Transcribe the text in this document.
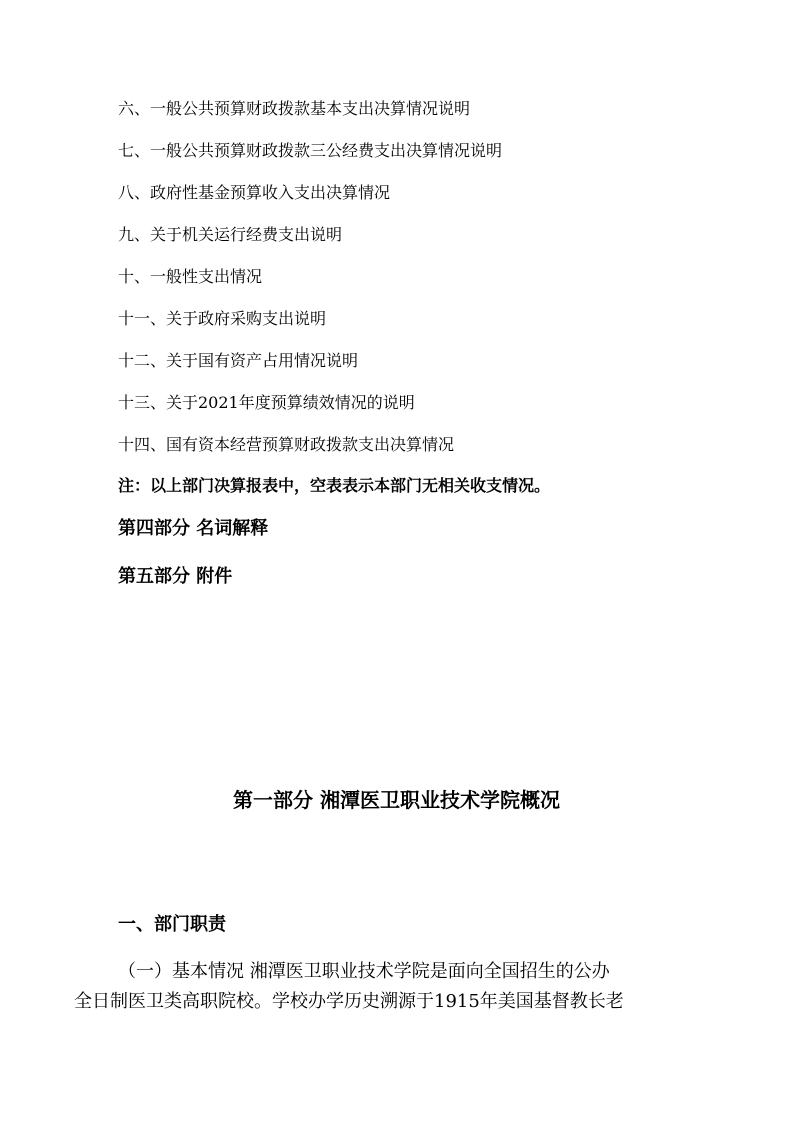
六、一般公共预算财政拨款基本支出决算情况说明
七、一般公共预算财政拨款三公经费支出决算情况说明
八、政府性基金预算收入支出决算情况
九、关于机关运行经费支出说明
十、一般性支出情况
十一、关于政府采购支出说明
十二、关于国有资产占用情况说明
十三、关于2021年度预算绩效情况的说明
十四、国有资本经营预算财政拨款支出决算情况
注：以上部门决算报表中，空表表示本部门无相关收支情况。
第四部分 名词解释
第五部分 附件
第一部分 湘潭医卫职业技术学院概况
一、部门职责
（一）基本情况 湘潭医卫职业技术学院是面向全国招生的公办
全日制医卫类高职院校。学校办学历史溯源于1915年美国基督教长老
